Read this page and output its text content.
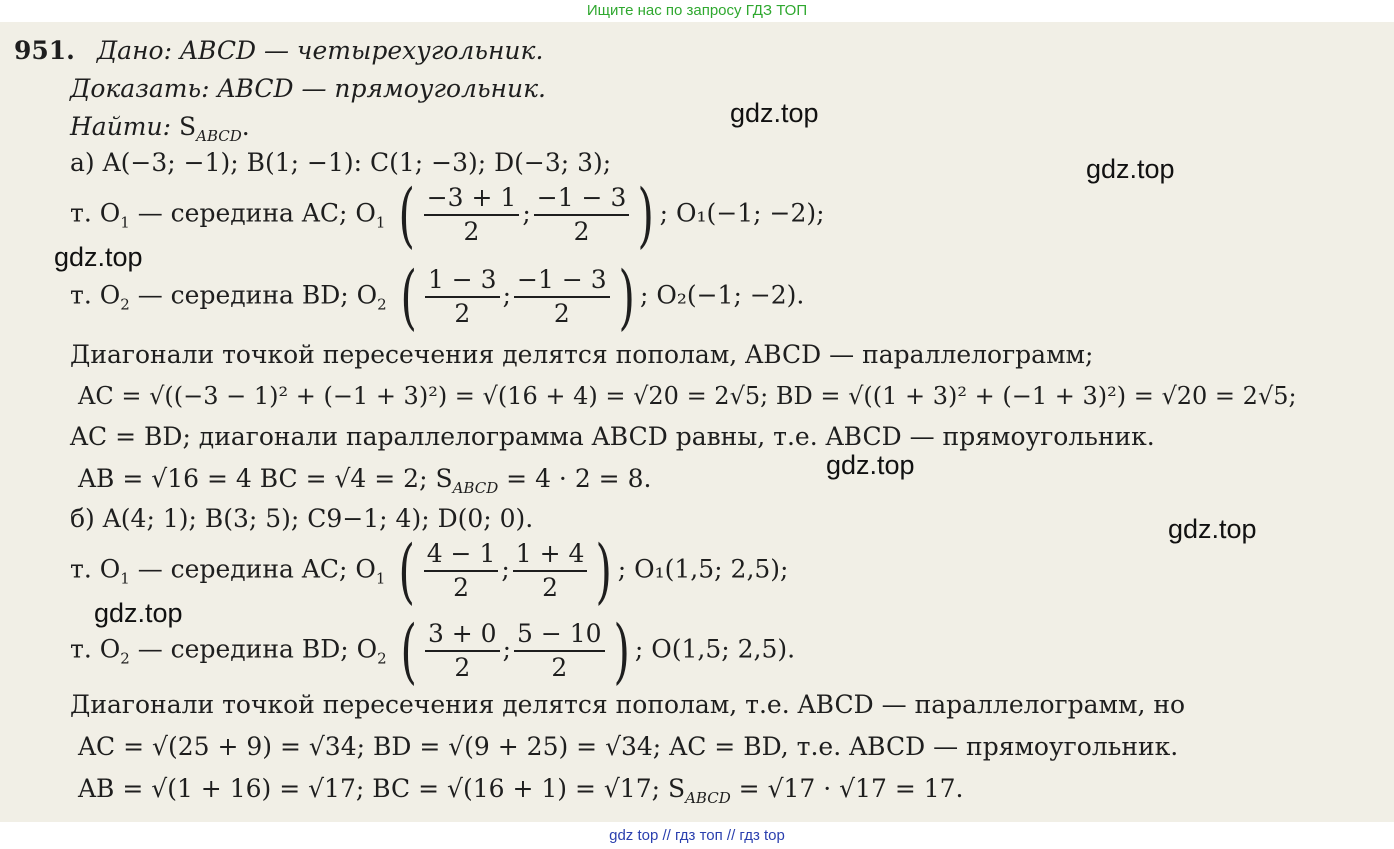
Ищите нас по запросу ГДЗ ТОП
951. Дано: ABCD — четырехугольник.
Доказать: ABCD — прямоугольник.
Найти: $S_{ABCD}$.
а) A(−3; −1); B(1; −1): C(1; −3); D(−3; 3);
т. $O_1$ — середина AC; $O_1$ ( $\frac{-3 + 1}{2}$ ; $\frac{-1 - 3}{2}$ ) ; O₁(−1; −2);
т. $O_2$ — середина BD; $O_2$ ( $\frac{1 - 3}{2}$ ; $\frac{-1 - 3}{2}$ ) ; O₂(−1; −2).
Диагонали точкой пересечения делятся пополам, ABCD — параллелограмм;
AC = √((−3 − 1)² + (−1 + 3)²) = √(16 + 4) = √20 = 2√5; BD = √((1 + 3)² + (−1 + 3)²) = √20 = 2√5;
AC = BD; диагонали параллелограмма ABCD равны, т.е. ABCD — прямоугольник.
AB = √16 = 4 BC = √4 = 2; $S_{ABCD} = 4 \cdot 2 = 8$.
б) A(4; 1); B(3; 5); C9−1; 4); D(0; 0).
т. $O_1$ — середина AC; $O_1$ ( $\frac{4 - 1}{2}$ ; $\frac{1 + 4}{2}$ ) ; O₁(1,5; 2,5);
т. $O_2$ — середина BD; $O_2$ ( $\frac{3 + 0}{2}$ ; $\frac{5 - 10}{2}$ ) ; O(1,5; 2,5).
Диагонали точкой пересечения делятся пополам, т.е. ABCD — параллелограмм, но
AC = √(25 + 9) = √34; BD = √(9 + 25) = √34; AC = BD, т.е. ABCD — прямоугольник.
AB = √(1 + 16) = √17; BC = √(16 + 1) = √17; $S_{ABCD} = √17 \cdot √17 = 17$.
gdz.top
gdz.top
gdz.top
gdz.top
gdz.top
gdz.top
gdz top // гдз топ // гдз top
